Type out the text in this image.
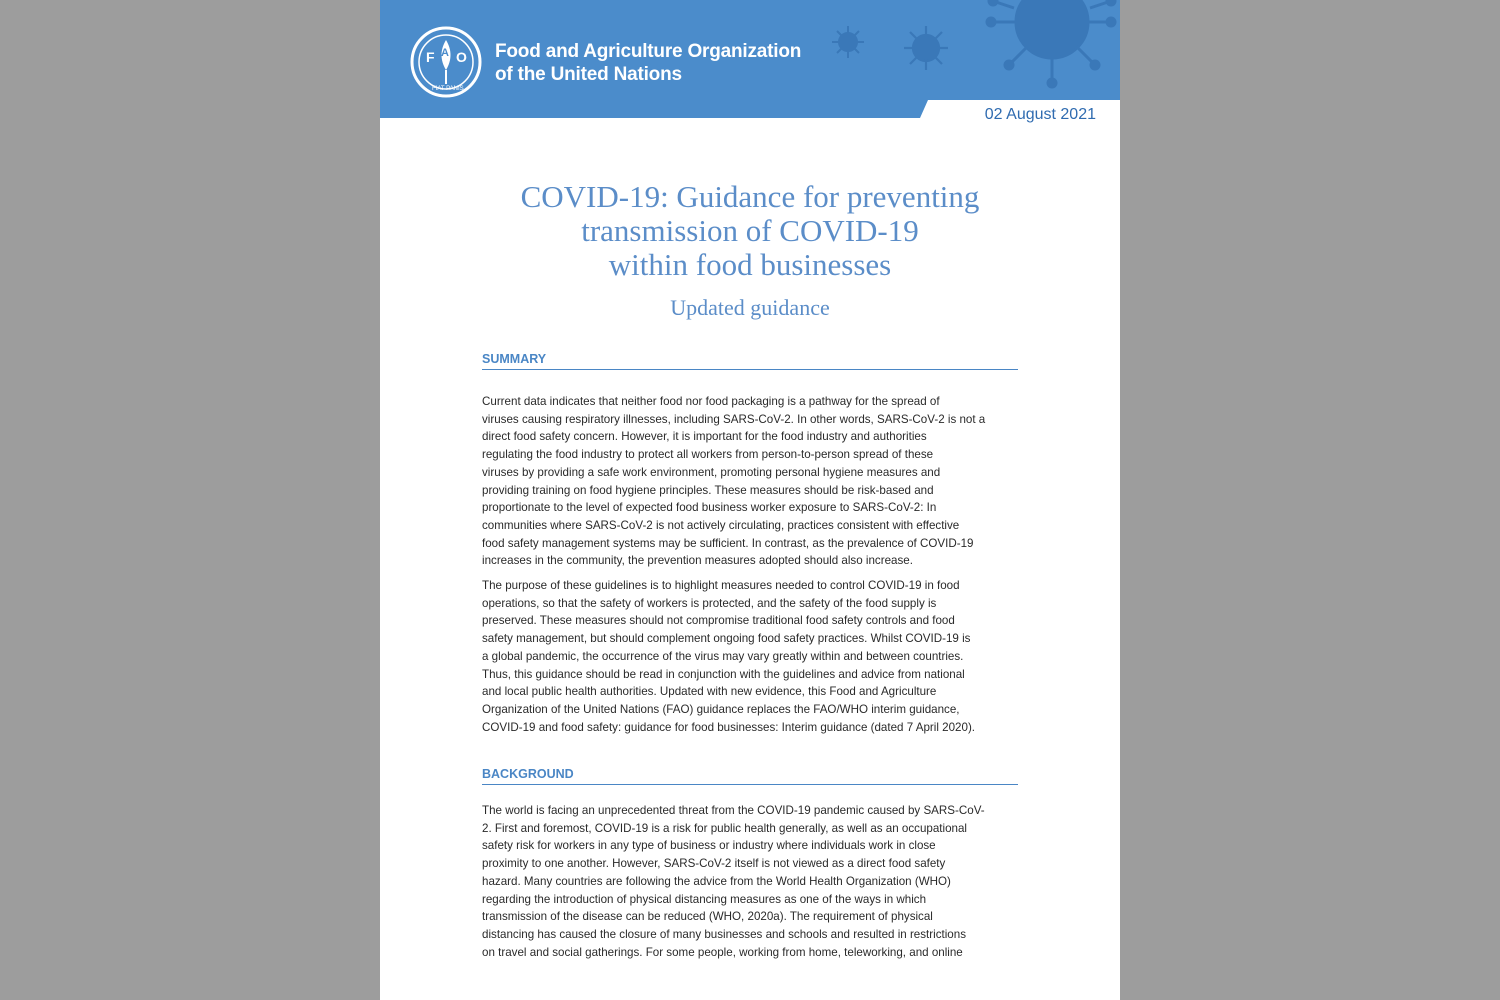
F A O
FIAT PANIS
Food and Agriculture Organization
of the United Nations
02 August 2021
COVID-19: Guidance for preventing
transmission of COVID-19
within food businesses
Updated guidance
SUMMARY
Current data indicates that neither food nor food packaging is a pathway for the spread of
viruses causing respiratory illnesses, including SARS-CoV-2. In other words, SARS-CoV-2 is not a
direct food safety concern. However, it is important for the food industry and authorities
regulating the food industry to protect all workers from person-to-person spread of these
viruses by providing a safe work environment, promoting personal hygiene measures and
providing training on food hygiene principles. These measures should be risk-based and
proportionate to the level of expected food business worker exposure to SARS-CoV-2: In
communities where SARS-CoV-2 is not actively circulating, practices consistent with effective
food safety management systems may be sufficient. In contrast, as the prevalence of COVID-19
increases in the community, the prevention measures adopted should also increase.
The purpose of these guidelines is to highlight measures needed to control COVID-19 in food
operations, so that the safety of workers is protected, and the safety of the food supply is
preserved. These measures should not compromise traditional food safety controls and food
safety management, but should complement ongoing food safety practices. Whilst COVID-19 is
a global pandemic, the occurrence of the virus may vary greatly within and between countries.
Thus, this guidance should be read in conjunction with the guidelines and advice from national
and local public health authorities. Updated with new evidence, this Food and Agriculture
Organization of the United Nations (FAO) guidance replaces the FAO/WHO interim guidance,
COVID-19 and food safety: guidance for food businesses: Interim guidance (dated 7 April 2020).
BACKGROUND
The world is facing an unprecedented threat from the COVID-19 pandemic caused by SARS-CoV-
2. First and foremost, COVID-19 is a risk for public health generally, as well as an occupational
safety risk for workers in any type of business or industry where individuals work in close
proximity to one another. However, SARS-CoV-2 itself is not viewed as a direct food safety
hazard. Many countries are following the advice from the World Health Organization (WHO)
regarding the introduction of physical distancing measures as one of the ways in which
transmission of the disease can be reduced (WHO, 2020a). The requirement of physical
distancing has caused the closure of many businesses and schools and resulted in restrictions
on travel and social gatherings. For some people, working from home, teleworking, and online
